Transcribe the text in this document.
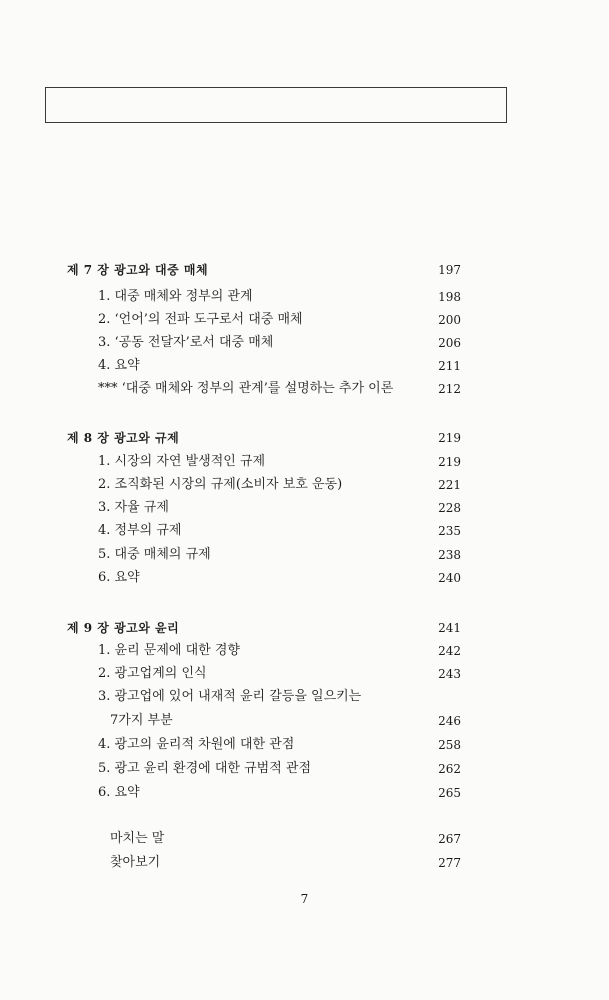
제 7 장 광고와 대중 매체	197
1. 대중 매체와 정부의 관계	198
2. ‘언어’의 전파 도구로서 대중 매체	200
3. ‘공동 전달자’로서 대중 매체	206
4. 요약	211
*** ‘대중 매체와 정부의 관계’를 설명하는 추가 이론	212
제 8 장 광고와 규제	219
1. 시장의 자연 발생적인 규제	219
2. 조직화된 시장의 규제(소비자 보호 운동)	221
3. 자율 규제	228
4. 정부의 규제	235
5. 대중 매체의 규제	238
6. 요약	240
제 9 장 광고와 윤리	241
1. 윤리 문제에 대한 경향	242
2. 광고업계의 인식	243
3. 광고업에 있어 내재적 윤리 갈등을 일으키는
7가지 부분	246
4. 광고의 윤리적 차원에 대한 관점	258
5. 광고 윤리 환경에 대한 규범적 관점	262
6. 요약	265
마치는 말	267
찾아보기	277
7
